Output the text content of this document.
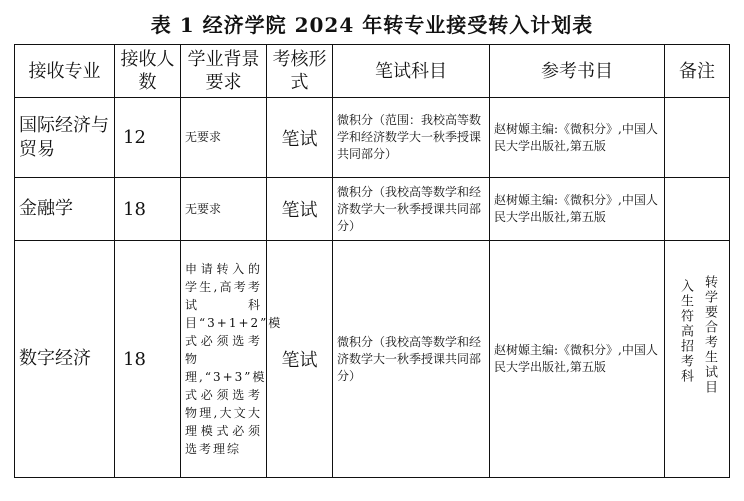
表 1 经济学院 2024 年转专业接受转入计划表
接收专业	接收人数	学业背景要求	考核形式	笔试科目	参考书目	备注
国际经济与贸易	12	无要求	笔试	微积分（范围：我校高等数学和经济数学大一秋季授课共同部分）	赵树嫄主编:《微积分》,中国人民大学出版社,第五版	
金融学	18	无要求	笔试	微积分（我校高等数学和经济数学大一秋季授课共同部分）	赵树嫄主编:《微积分》,中国人民大学出版社,第五版	
数字经济	18	申请转入的学生,高考考试科目“3+1+2”模式必须选考物理,“3+3”模式必须选考物理,大文大理模式必须选考理综	笔试	微积分（我校高等数学和经济数学大一秋季授课共同部分）	赵树嫄主编:《微积分》,中国人民大学出版社,第五版	入生符高招考科 转学要合考生试目
